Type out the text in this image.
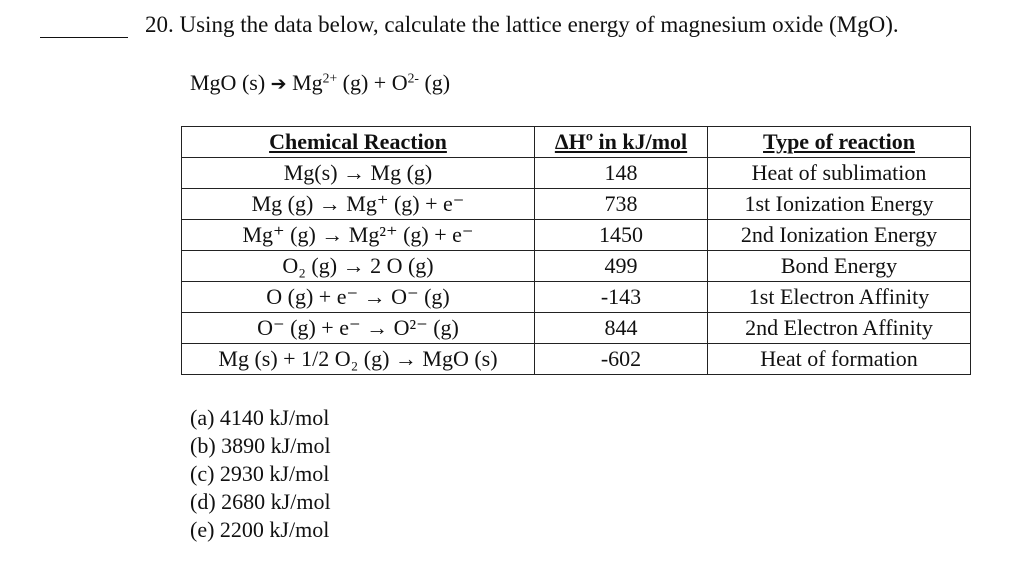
20. Using the data below, calculate the lattice energy of magnesium oxide (MgO).
MgO (s) ➔ $Mg^{2+}$ $(g) + O^{2-}$ (g)
Chemical Reaction	ΔHº in kJ/mol	Type of reaction
Mg(s) → Mg (g)	148	Heat of sublimation
Mg (g) → Mg⁺ (g) + e⁻	738	1st Ionization Energy
Mg⁺ (g) → Mg²⁺ (g) + e⁻	1450	2nd Ionization Energy
O₂ (g) → 2 O (g)	499	Bond Energy
O (g) + e⁻ → O⁻ (g)	-143	1st Electron Affinity
O⁻ (g) + e⁻ → O²⁻ (g)	844	2nd Electron Affinity
Mg (s) + 1/2 O₂ (g) → MgO (s)	-602	Heat of formation
(a) 4140 kJ/mol
(b) 3890 kJ/mol
(c) 2930 kJ/mol
(d) 2680 kJ/mol
(e) 2200 kJ/mol
